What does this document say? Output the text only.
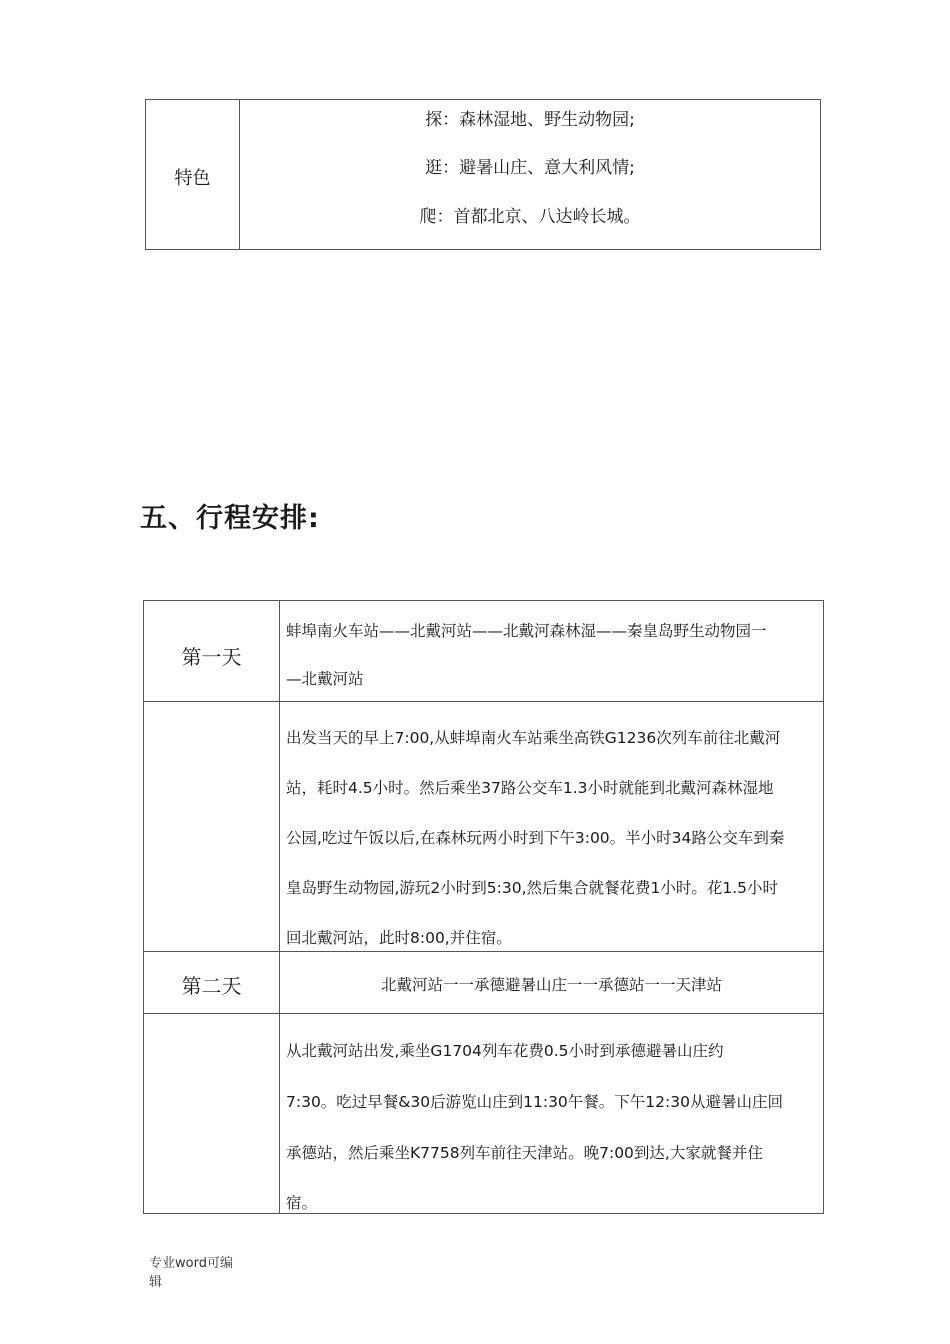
特色
探：森林湿地、野生动物园;
逛：避暑山庄、意大利风情;
爬：首都北京、八达岭长城。
五、行程安排:
第一天
蚌埠南火车站——北戴河站——北戴河森林湿——秦皇岛野生动物园一
—北戴河站
出发当天的早上7:00,从蚌埠南火车站乘坐高铁G1236次列车前往北戴河
站，耗时4.5小时。然后乘坐37路公交车1.3小时就能到北戴河森林湿地
公园,吃过午饭以后,在森林玩两小时到下午3:00。半小时34路公交车到秦
皇岛野生动物园,游玩2小时到5:30,然后集合就餐花费1小时。花1.5小时
回北戴河站，此时8:00,并住宿。
第二天	北戴河站一一承德避暑山庄一一承德站一一天津站
从北戴河站出发,乘坐G1704列车花费0.5小时到承德避暑山庄约
7:30。吃过早餐&30后游览山庄到11:30午餐。下午12:30从避暑山庄回
承德站，然后乘坐K7758列车前往天津站。晚7:00到达,大家就餐并住
宿。
专业word可编
辑
